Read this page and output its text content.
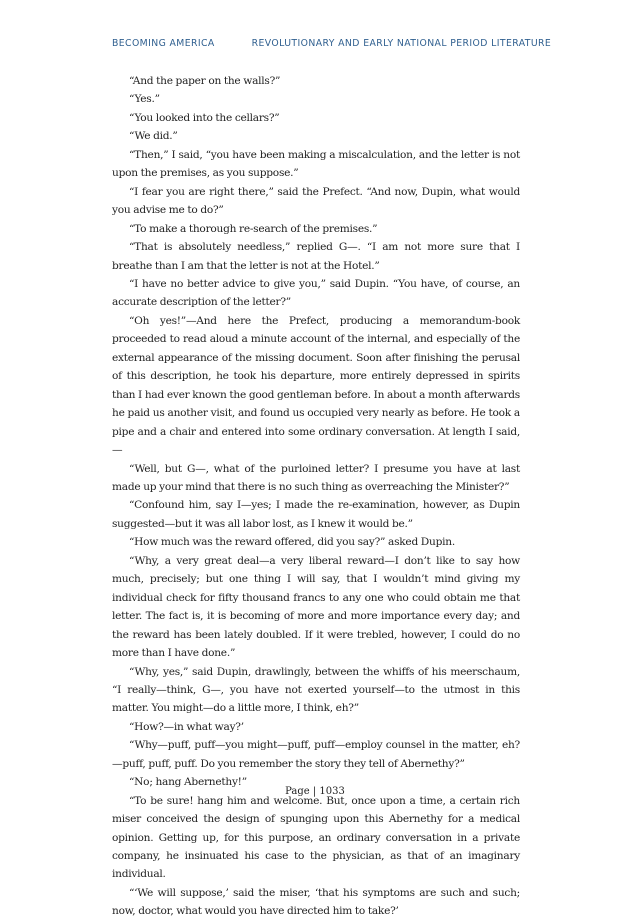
BECOMING AMERICA	REVOLUTIONARY AND EARLY NATIONAL PERIOD LITERATURE

“And the paper on the walls?”

“Yes.”

“You looked into the cellars?”

“We did.”

“Then,” I said, “you have been making a miscalculation, and the letter is not upon the premises, as you suppose.”

“I fear you are right there,” said the Prefect. “And now, Dupin, what would you advise me to do?”

“To make a thorough re-search of the premises.”

“That is absolutely needless,” replied G—. “I am not more sure that I breathe than I am that the letter is not at the Hotel.”

“I have no better advice to give you,” said Dupin. “You have, of course, an accurate description of the letter?”

“Oh yes!”—And here the Prefect, producing a memorandum-book proceeded to read aloud a minute account of the internal, and especially of the external appearance of the missing document. Soon after finishing the perusal of this description, he took his departure, more entirely depressed in spirits than I had ever known the good gentleman before. In about a month afterwards he paid us another visit, and found us occupied very nearly as before. He took a pipe and a chair and entered into some ordinary conversation. At length I said,—

“Well, but G—, what of the purloined letter? I presume you have at last made up your mind that there is no such thing as overreaching the Minister?”

“Confound him, say I—yes; I made the re-examination, however, as Dupin suggested—but it was all labor lost, as I knew it would be.”

“How much was the reward offered, did you say?” asked Dupin.

“Why, a very great deal—a very liberal reward—I don’t like to say how much, precisely; but one thing I will say, that I wouldn’t mind giving my individual check for fifty thousand francs to any one who could obtain me that letter. The fact is, it is becoming of more and more importance every day; and the reward has been lately doubled. If it were trebled, however, I could do no more than I have done.”

“Why, yes,” said Dupin, drawlingly, between the whiffs of his meerschaum, “I really—think, G—, you have not exerted yourself—to the utmost in this matter. You might—do a little more, I think, eh?”

“How?—in what way?’

“Why—puff, puff—you might—puff, puff—employ counsel in the matter, eh?—puff, puff, puff. Do you remember the story they tell of Abernethy?”

“No; hang Abernethy!”

“To be sure! hang him and welcome. But, once upon a time, a certain rich miser conceived the design of spunging upon this Abernethy for a medical opinion. Getting up, for this purpose, an ordinary conversation in a private company, he insinuated his case to the physician, as that of an imaginary individual.

“‘We will suppose,’ said the miser, ‘that his symptoms are such and such; now, doctor, what would you have directed him to take?’

Page | 1033
